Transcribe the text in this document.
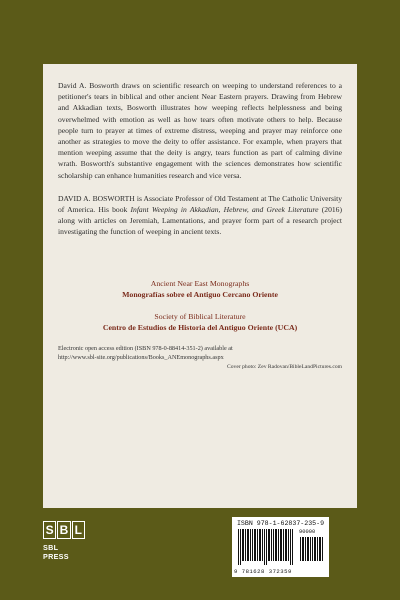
David A. Bosworth draws on scientific research on weeping to understand references to a petitioner's tears in biblical and other ancient Near Eastern prayers. Drawing from Hebrew and Akkadian texts, Bosworth illustrates how weeping reflects helplessness and being overwhelmed with emotion as well as how tears often motivate others to help. Because people turn to prayer at times of extreme distress, weeping and prayer may reinforce one another as strategies to move the deity to offer assistance. For example, when prayers that mention weeping assume that the deity is angry, tears function as part of calming divine wrath. Bosworth's substantive engagement with the sciences demonstrates how scientific scholarship can enhance humanities research and vice versa.

DAVID A. BOSWORTH is Associate Professor of Old Testament at The Catholic University of America. His book Infant Weeping in Akkadian, Hebrew, and Greek Literature (2016) along with articles on Jeremiah, Lamentations, and prayer form part of a research project investigating the function of weeping in ancient texts.

Ancient Near East Monographs
Monografías sobre el Antiguo Cercano Oriente
Society of Biblical Literature
Centro de Estudios de Historia del Antiguo Oriente (UCA)
Electronic open access edition (ISBN 978-0-88414-351-2) available at
http://www.sbl-site.org/publications/Books_ANEmonographs.aspx
Cover photo: Zev Radovan/BibleLandPictures.com
S B L
SBL PRESS
ISBN 978-1-62837-235-9
90000
9 781628 372359
